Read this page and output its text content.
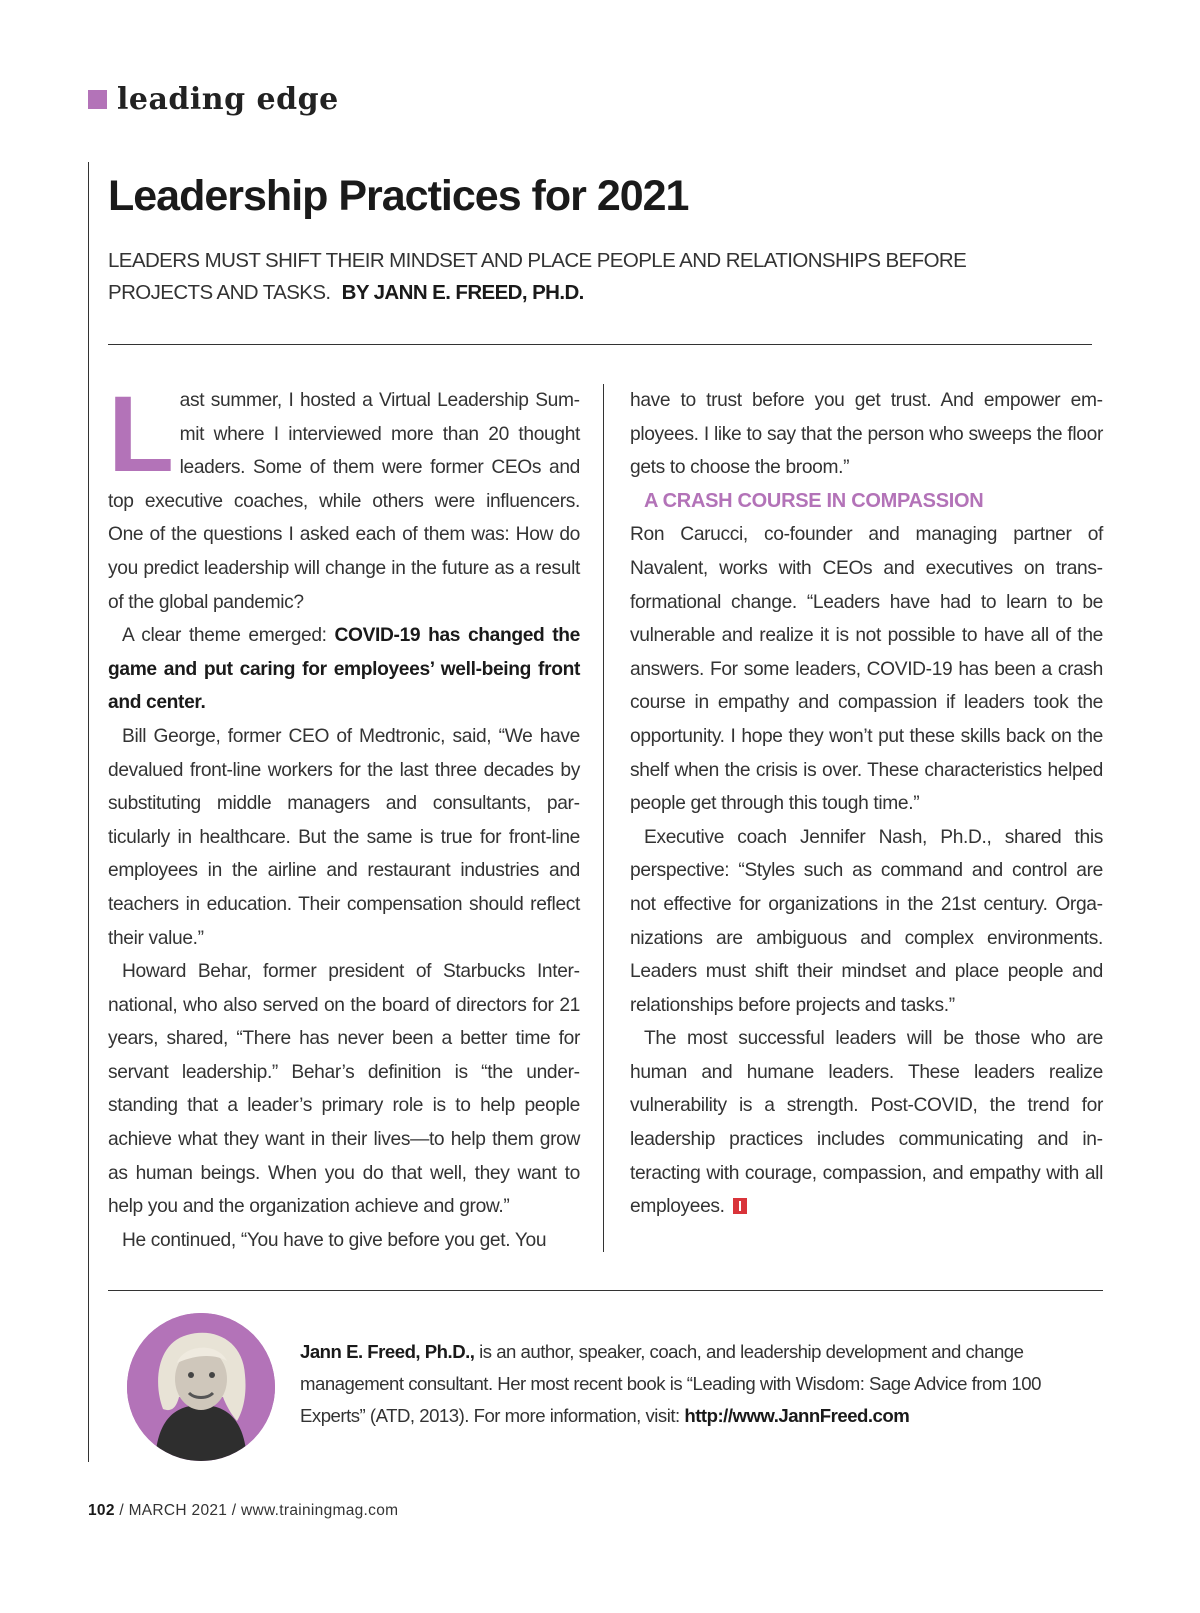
leading edge
Leadership Practices for 2021
LEADERS MUST SHIFT THEIR MINDSET AND PLACE PEOPLE AND RELATIONSHIPS BEFORE PROJECTS AND TASKS. BY JANN E. FREED, PH.D.

L ast summer, I hosted a Virtual Leadership Summit where I interviewed more than 20 thought leaders. Some of them were former CEOs and top executive coaches, while others were influencers. One of the questions I asked each of them was: How do you predict leadership will change in the future as a result of the global pandemic?

A clear theme emerged: COVID-19 has changed the game and put caring for employees’ well-being front and center.

Bill George, former CEO of Medtronic, said, “We have devalued front-line workers for the last three decades by substituting middle managers and consultants, particularly in healthcare. But the same is true for front-line employees in the airline and restaurant industries and teachers in education. Their compensation should reflect their value.”

Howard Behar, former president of Starbucks International, who also served on the board of directors for 21 years, shared, “There has never been a better time for servant leadership.” Behar’s definition is “the understanding that a leader’s primary role is to help people achieve what they want in their lives—to help them grow as human beings. When you do that well, they want to help you and the organization achieve and grow.”

He continued, “You have to give before you get. You

have to trust before you get trust. And empower employees. I like to say that the person who sweeps the floor gets to choose the broom.”

A CRASH COURSE IN COMPASSION

Ron Carucci, co-founder and managing partner of Navalent, works with CEOs and executives on transformational change. “Leaders have had to learn to be vulnerable and realize it is not possible to have all of the answers. For some leaders, COVID-19 has been a crash course in empathy and compassion if leaders took the opportunity. I hope they won’t put these skills back on the shelf when the crisis is over. These characteristics helped people get through this tough time.”

Executive coach Jennifer Nash, Ph.D., shared this perspective: “Styles such as command and control are not effective for organizations in the 21st century. Organizations are ambiguous and complex environments. Leaders must shift their mindset and place people and relationships before projects and tasks.”

The most successful leaders will be those who are human and humane leaders. These leaders realize vulnerability is a strength. Post-COVID, the trend for leadership practices includes communicating and interacting with courage, compassion, and empathy with all employees.

Jann E. Freed, Ph.D., is an author, speaker, coach, and leadership development and change management consultant. Her most recent book is “Leading with Wisdom: Sage Advice from 100 Experts” (ATD, 2013). For more information, visit: http://www.JannFreed.com
102 / MARCH 2021 / www.trainingmag.com
